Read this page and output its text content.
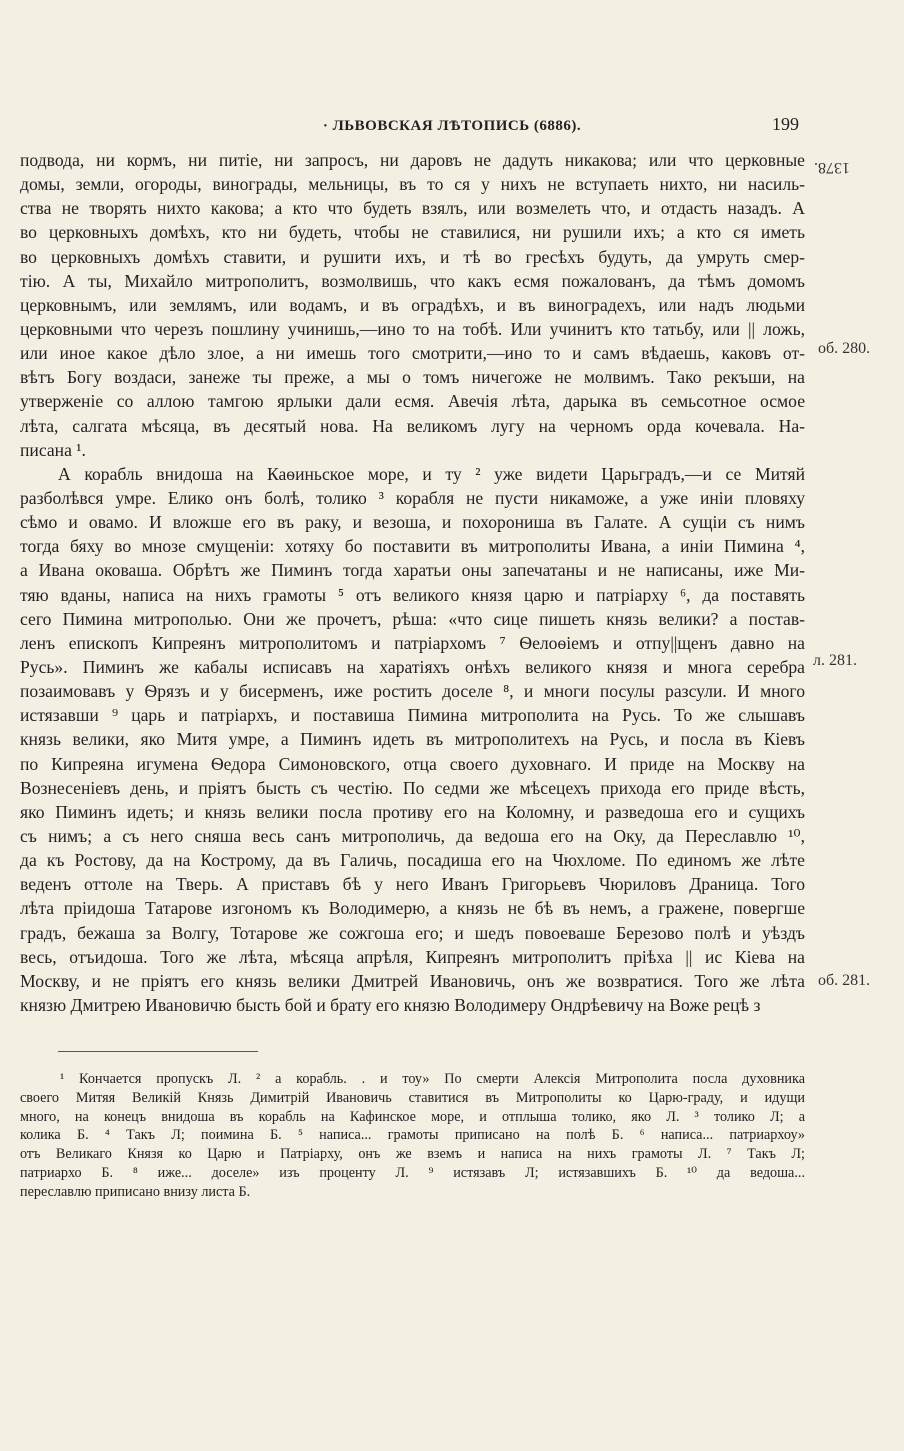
· ЛЬВОВСКАЯ ЛѢТОПИСЬ (6886).	199
1378.
об. 280.
л. 281.
об. 281.
подвода, ни кормъ, ни питіе, ни запросъ, ни даровъ не дадуть никакова; или что церковные
домы, земли, огороды, винограды, мельницы, въ то ся у нихъ не вступаеть нихто, ни насиль-
ства не творять нихто какова; а кто что будеть взялъ, или возмелеть что, и отдасть назадъ. А
во церковныхъ домѣхъ, кто ни будеть, чтобы не ставилися, ни рушили ихъ; а кто ся иметь
во церковныхъ домѣхъ ставити, и рушити ихъ, и тѣ во гресѣхъ будуть, да умруть смер-
тію. А ты, Михайло митрополитъ, возмолвишь, что какъ есмя пожалованъ, да тѣмъ домомъ
церковнымъ, или землямъ, или водамъ, и въ оградѣхъ, и въ виноградехъ, или надъ людьми
церковными что черезъ пошлину учинишь,—ино то на тобѣ. Или учинитъ кто татьбу, или || ложь,
или иное какое дѣло злое, а ни имешь того смотрити,—ино то и самъ вѣдаешь, каковъ от-
вѣтъ Богу воздаси, занеже ты преже, а мы о томъ ничегоже не молвимъ. Тако рекъши, на
утверженіе со аллою тамгою ярлыки дали есмя. Авечія лѣта, дарыка въ семьсотное осмое
лѣта, салгата мѣсяца, въ десятый нова. На великомъ лугу на черномъ орда кочевала. На-
писана ¹.
А корабль внидоша на Каѳиньское море, и ту ² уже видети Царьградъ,—и се Митяй
разболѣвся умре. Елико онъ болѣ, толико ³ корабля не пусти никаможе, а уже иніи пловяху
сѣмо и овамо. И вложше его въ раку, и везоша, и похорониша въ Галате. А сущіи съ нимъ
тогда бяху во мнозе смущеніи: хотяху бо поставити въ митрополиты Ивана, а инiи Пимина ⁴,
а Ивана оковаша. Обрѣтъ же Пиминъ тогда харатьи оны запечатаны и не написаны, иже Ми-
тяю вданы, написа на нихъ грамоты ⁵ отъ великого князя царю и патріарху ⁶, да поставять
сего Пимина митрополью. Они же прочетъ, рѣша: «что сице пишеть князь велики? а постав-
ленъ епископъ Кипреянъ митрополитомъ и патріархомъ ⁷ Ѳелоѳіемъ и отпу||щенъ давно на
Русь». Пиминъ же кабалы исписавъ на харатіяхъ онѣхъ великого князя и многа серебра
позаимовавъ у Ѳрязъ и у бисерменъ, иже ростить доселе ⁸, и многи посулы разсули. И много
истязавши ⁹ царь и патріархъ, и поставиша Пимина митрополита на Русь. То же слышавъ
князь велики, яко Митя умре, а Пиминъ идеть въ митрополитехъ на Русь, и посла въ Кіевъ
по Кипреяна игумена Ѳедора Симоновского, отца своего духовнаго. И приде на Москву на
Вознесеніевъ день, и пріятъ бысть съ честію. По седми же мѣсецехъ прихода его приде вѣсть,
яко Пиминъ идеть; и князь велики посла противу его на Коломну, и разведоша его и сущихъ
съ нимъ; а съ него сняша весь санъ митрополичь, да ведоша его на Оку, да Переславлю ¹⁰,
да къ Ростову, да на Кострому, да въ Галичь, посадиша его на Чюхломе. По единомъ же лѣте
веденъ оттоле на Тверь. А приставъ бѣ у него Иванъ Григорьевъ Чюриловъ Драница. Того
лѣта пріидоша Татарове изгономъ къ Володимерю, а князь не бѣ въ немъ, а гражене, повергше
градъ, бежаша за Волгу, Тотарове же сожгоша его; и шедъ повоеваше Березово полѣ и уѣздъ
весь, отъидоша. Того же лѣта, мѣсяца апрѣля, Кипреянъ митрополитъ пріѣха || ис Кіева на
Москву, и не пріятъ его князь велики Дмитрей Ивановичь, онъ же возвратися. Того же лѣта
князю Дмитрею Ивановичю бысть бой и брату его князю Володимеру Ондрѣевичу на Воже рецѣ з
¹ Кончается пропускъ Л. ² а корабль. . и тоу» По смерти Алексія Митрополита посла духовника
своего Митяя Великій Князь Димитрій Ивановичь ставитися въ Митрополиты ко Царю-граду, и идущи
много, на конецъ внидоша въ корабль на Кафинское море, и отплыша толико, яко Л. ³ толико Л; а
колика Б. ⁴ Такъ Л; поимина Б. ⁵ написа... грамоты приписано на полѣ Б. ⁶ написа... патриархоу»
отъ Великаго Князя ко Царю и Патріарху, онъ же вземъ и написа на нихъ грамоты Л. ⁷ Такъ Л;
патриархо Б. ⁸ иже... доселе» изъ проценту Л. ⁹ истязавъ Л; истязавшихъ Б. ¹⁰ да ведоша...
переславлю приписано внизу листа Б.
